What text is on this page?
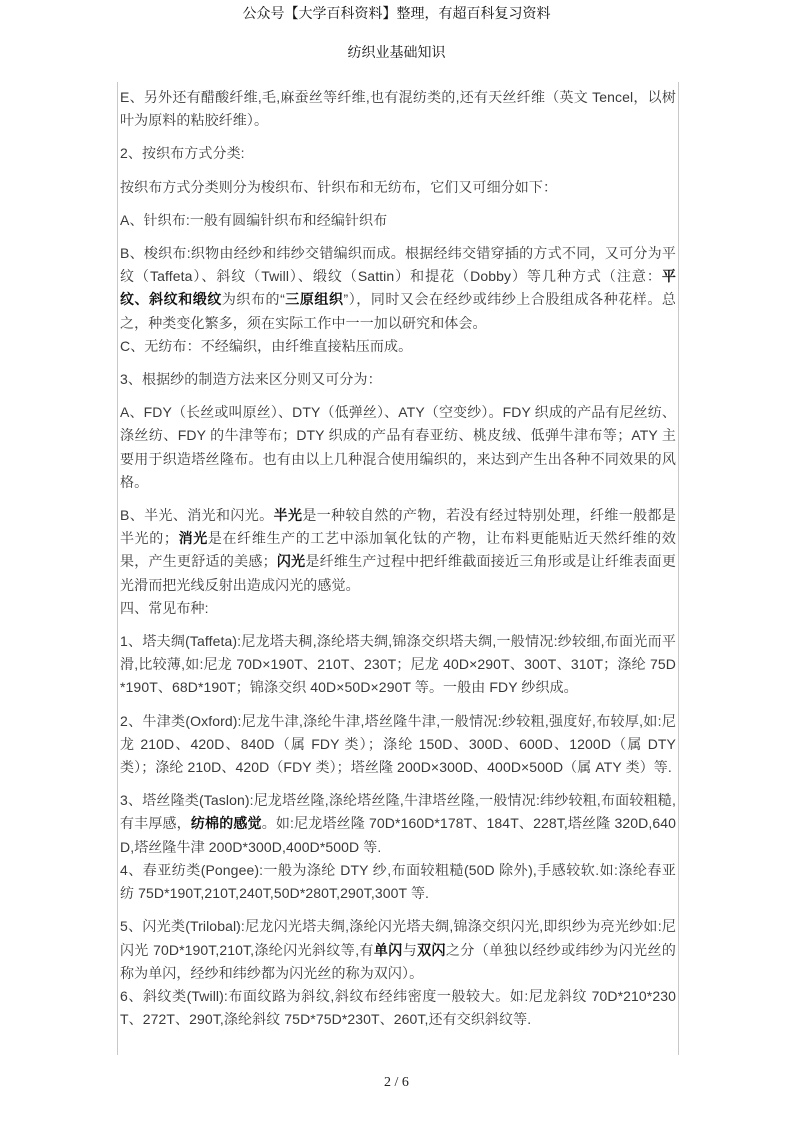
公众号【大学百科资料】整理，有超百科复习资料
纺织业基础知识

E、另外还有醋酸纤维,毛,麻蚕丝等纤维,也有混纺类的,还有天丝纤维（英文 Tencel，以树叶为原料的粘胶纤维）。

2、按织布方式分类:

按织布方式分类则分为梭织布、针织布和无纺布，它们又可细分如下：

A、针织布:一般有圆编针织布和经编针织布

B、梭织布:织物由经纱和纬纱交错编织而成。根据经纬交错穿插的方式不同，又可分为平纹（Taffeta）、斜纹（Twill）、缎纹（Sattin）和提花（Dobby）等几种方式（注意：平纹、斜纹和缎纹为织布的“三原组织”），同时又会在经纱或纬纱上合股组成各种花样。总之，种类变化繁多，须在实际工作中一一加以研究和体会。

C、无纺布：不经编织，由纤维直接粘压而成。

3、根据纱的制造方法来区分则又可分为：

A、FDY（长丝或叫原丝）、DTY（低弹丝）、ATY（空变纱）。FDY 织成的产品有尼丝纺、涤丝纺、FDY 的牛津等布；DTY 织成的产品有春亚纺、桃皮绒、低弹牛津布等；ATY 主要用于织造塔丝隆布。也有由以上几种混合使用编织的，来达到产生出各种不同效果的风格。

B、半光、消光和闪光。半光是一种较自然的产物，若没有经过特别处理，纤维一般都是半光的；消光是在纤维生产的工艺中添加氧化钛的产物，让布料更能贴近天然纤维的效果，产生更舒适的美感；闪光是纤维生产过程中把纤维截面接近三角形或是让纤维表面更光滑而把光线反射出造成闪光的感觉。

四、常见布种:

1、塔夫绸(Taffeta):尼龙塔夫稠,涤纶塔夫绸,锦涤交织塔夫绸,一般情况:纱较细,布面光而平滑,比较薄,如:尼龙 70D×190T、210T、230T；尼龙 40D×290T、300T、310T；涤纶 75D*190T、68D*190T；锦涤交织 40D×50D×290T 等。一般由 FDY 纱织成。

2、牛津类(Oxford):尼龙牛津,涤纶牛津,塔丝隆牛津,一般情况:纱较粗,强度好,布较厚,如:尼龙 210D、420D、840D（属 FDY 类）；涤纶 150D、300D、600D、1200D（属 DTY 类）；涤纶 210D、420D（FDY 类）；塔丝隆 200D×300D、400D×500D（属 ATY 类）等.

3、塔丝隆类(Taslon):尼龙塔丝隆,涤纶塔丝隆,牛津塔丝隆,一般情况:纬纱较粗,布面较粗糙,有丰厚感，纺棉的感觉。如:尼龙塔丝隆 70D*160D*178T、184T、228T,塔丝隆 320D,640D,塔丝隆牛津 200D*300D,400D*500D 等.

4、春亚纺类(Pongee):一般为涤纶 DTY 纱,布面较粗糙(50D 除外),手感较软.如:涤纶春亚纺 75D*190T,210T,240T,50D*280T,290T,300T 等.

5、闪光类(Trilobal):尼龙闪光塔夫绸,涤纶闪光塔夫绸,锦涤交织闪光,即织纱为亮光纱如:尼闪光 70D*190T,210T,涤纶闪光斜纹等,有单闪与双闪之分（单独以经纱或纬纱为闪光丝的称为单闪，经纱和纬纱都为闪光丝的称为双闪）。

6、斜纹类(Twill):布面纹路为斜纹,斜纹布经纬密度一般较大。如:尼龙斜纹 70D*210*230T、272T、290T,涤纶斜纹 75D*75D*230T、260T,还有交织斜纹等.

2 / 6
